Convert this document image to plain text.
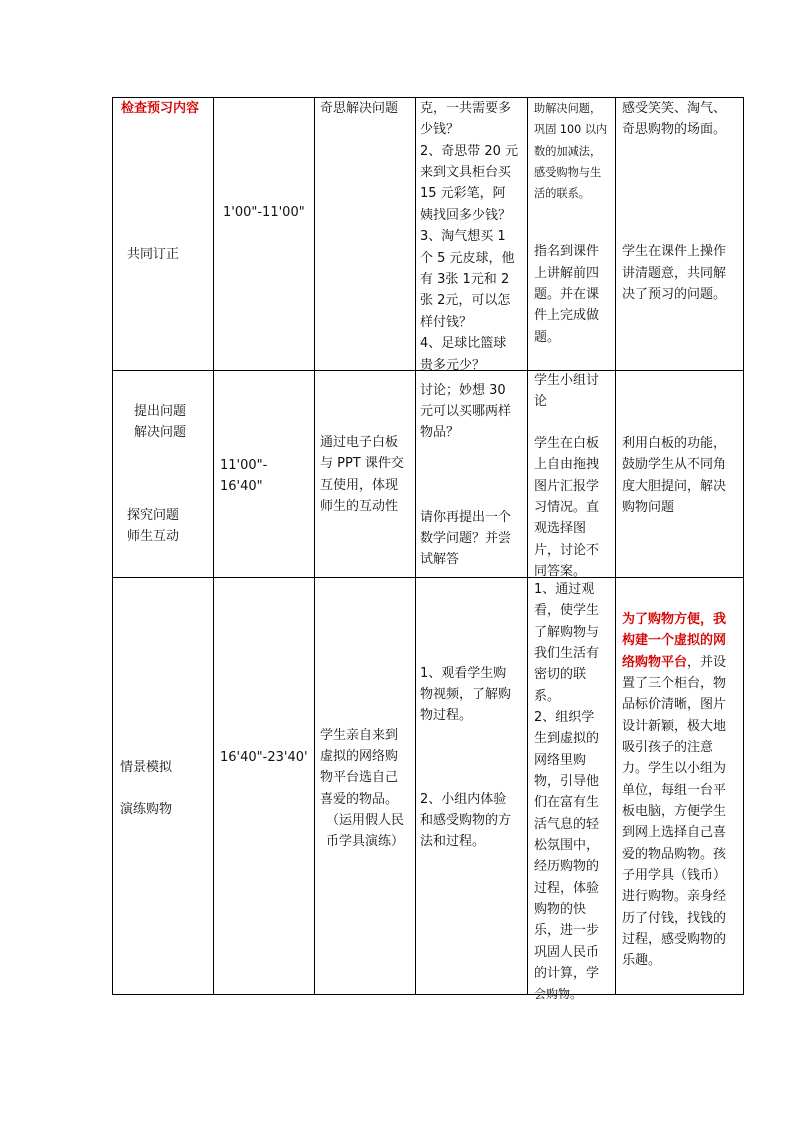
检查预习内容
共同订正
1'00"-11'00"
奇思解决问题 克，一共需要多
少钱？
2、奇思带 20 元
来到文具柜台买
15 元彩笔，阿
姨找回多少钱？
3、淘气想买 1
个 5 元皮球，他
有 3张 1元和 2
张 2元，可以怎
样付钱？
4、足球比篮球
贵多元少？
助解决问题，
巩固 100 以内
数的加减法，
感受购物与生
活的联系。
指名到课件
上讲解前四
题。并在课
件上完成做
题。
感受笑笑、淘气、
奇思购物的场面。
学生在课件上操作
讲清题意，共同解
决了预习的问题。
提出问题
解决问题
探究问题
师生互动
11'00"-
16'40"
通过电子白板
与 PPT 课件交
互使用，体现
师生的互动性
讨论；妙想 30
元可以买哪两样
物品？
请你再提出一个
数学问题？并尝
试解答
学生小组讨
论
学生在白板
上自由拖拽
图片汇报学
习情况。直
观选择图
片，讨论不
同答案。
利用白板的功能，
鼓励学生从不同角
度大胆提问，解决
购物问题
情景模拟
演练购物
16'40"-23'40'
学生亲自来到
虚拟的网络购
物平台选自己
喜爱的物品。
（运用假人民
币学具演练）
1、观看学生购
物视频，了解购
物过程。
2、小组内体验
和感受购物的方
法和过程。
1、通过观
看，使学生
了解购物与
我们生活有
密切的联
系。
2、组织学
生到虚拟的
网络里购
物，引导他
们在富有生
活气息的轻
松氛围中，
经历购物的
过程，体验
购物的快
乐，进一步
巩固人民币
的计算，学
会购物。
为了购物方便，我
构建一个虚拟的网
络购物平台，并设
置了三个柜台，物
品标价清晰，图片
设计新颖，极大地
吸引孩子的注意
力。学生以小组为
单位，每组一台平
板电脑，方便学生
到网上选择自己喜
爱的物品购物。孩
子用学具（钱币）
进行购物。亲身经
历了付钱，找钱的
过程，感受购物的
乐趣。
